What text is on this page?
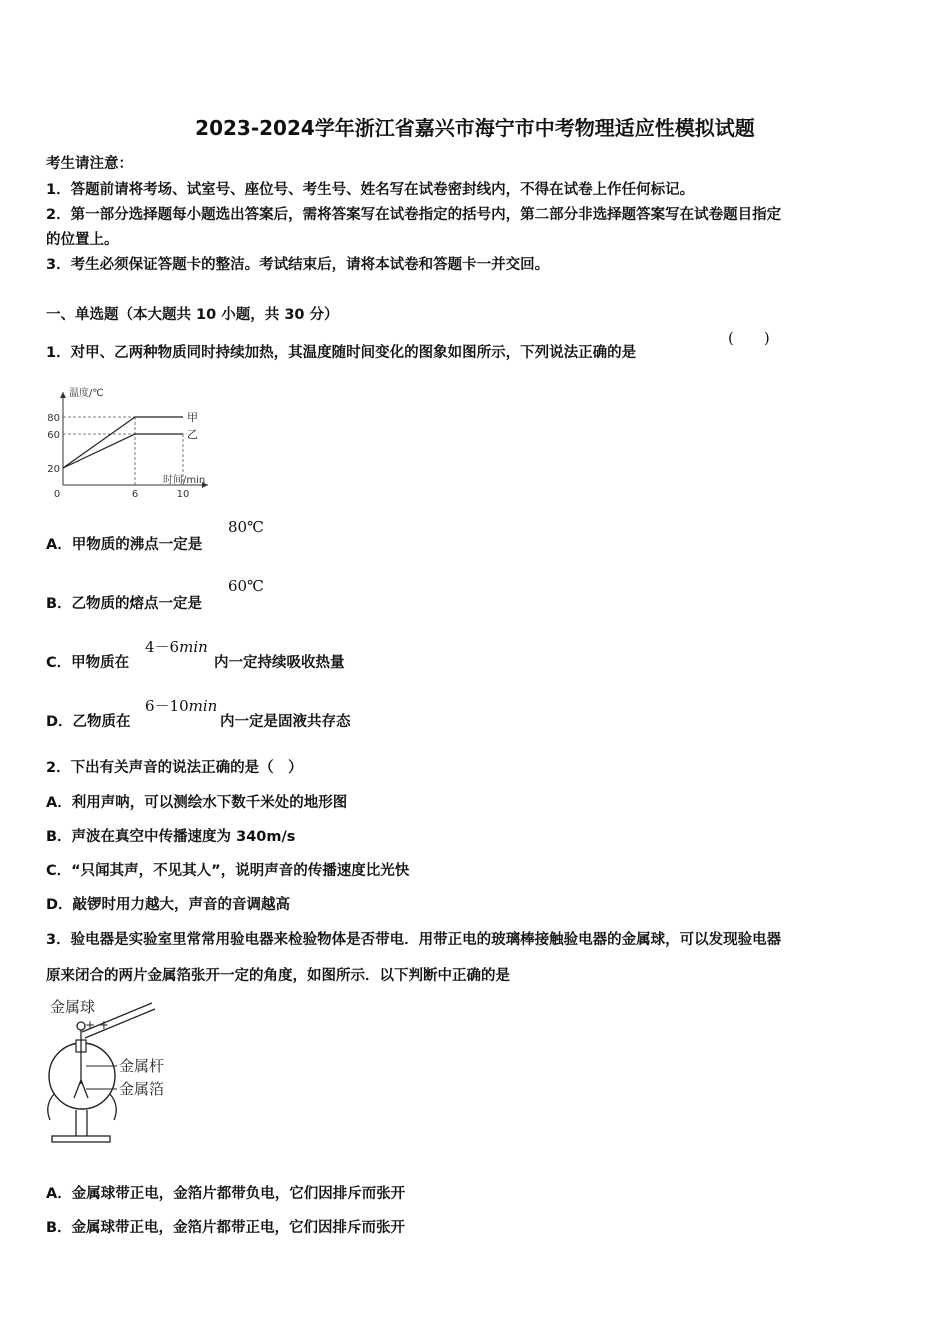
2023-2024学年浙江省嘉兴市海宁市中考物理适应性模拟试题
考生请注意：
1．答题前请将考场、试室号、座位号、考生号、姓名写在试卷密封线内，不得在试卷上作任何标记。
2．第一部分选择题每小题选出答案后，需将答案写在试卷指定的括号内，第二部分非选择题答案写在试卷题目指定
的位置上。
3．考生必须保证答题卡的整洁。考试结束后，请将本试卷和答题卡一并交回。
一、单选题（本大题共 10 小题，共 30 分）
1．对甲、乙两种物质同时持续加热，其温度随时间变化的图象如图所示，下列说法正确的是
(　　)
温度/℃
时间/min
20
60
80
0	6	10
甲
乙
A．甲物质的沸点一定是
80℃
B．乙物质的熔点一定是
60℃
C．甲物质在
4－6min
内一定持续吸收热量
D．乙物质在
6－10min
内一定是固液共存态
2．下出有关声音的说法正确的是（　）
A．利用声呐，可以测绘水下数千米处的地形图
B．声波在真空中传播速度为 340m/s
C．“只闻其声，不见其人”，说明声音的传播速度比光快
D．敲锣时用力越大，声音的音调越高
3．验电器是实验室里常常用验电器来检验物体是否带电．用带正电的玻璃棒接触验电器的金属球，可以发现验电器
原来闭合的两片金属箔张开一定的角度，如图所示．以下判断中正确的是
金属球
+ +
金属杆
金属箔
A．金属球带正电，金箔片都带负电，它们因排斥而张开
B．金属球带正电，金箔片都带正电，它们因排斥而张开
